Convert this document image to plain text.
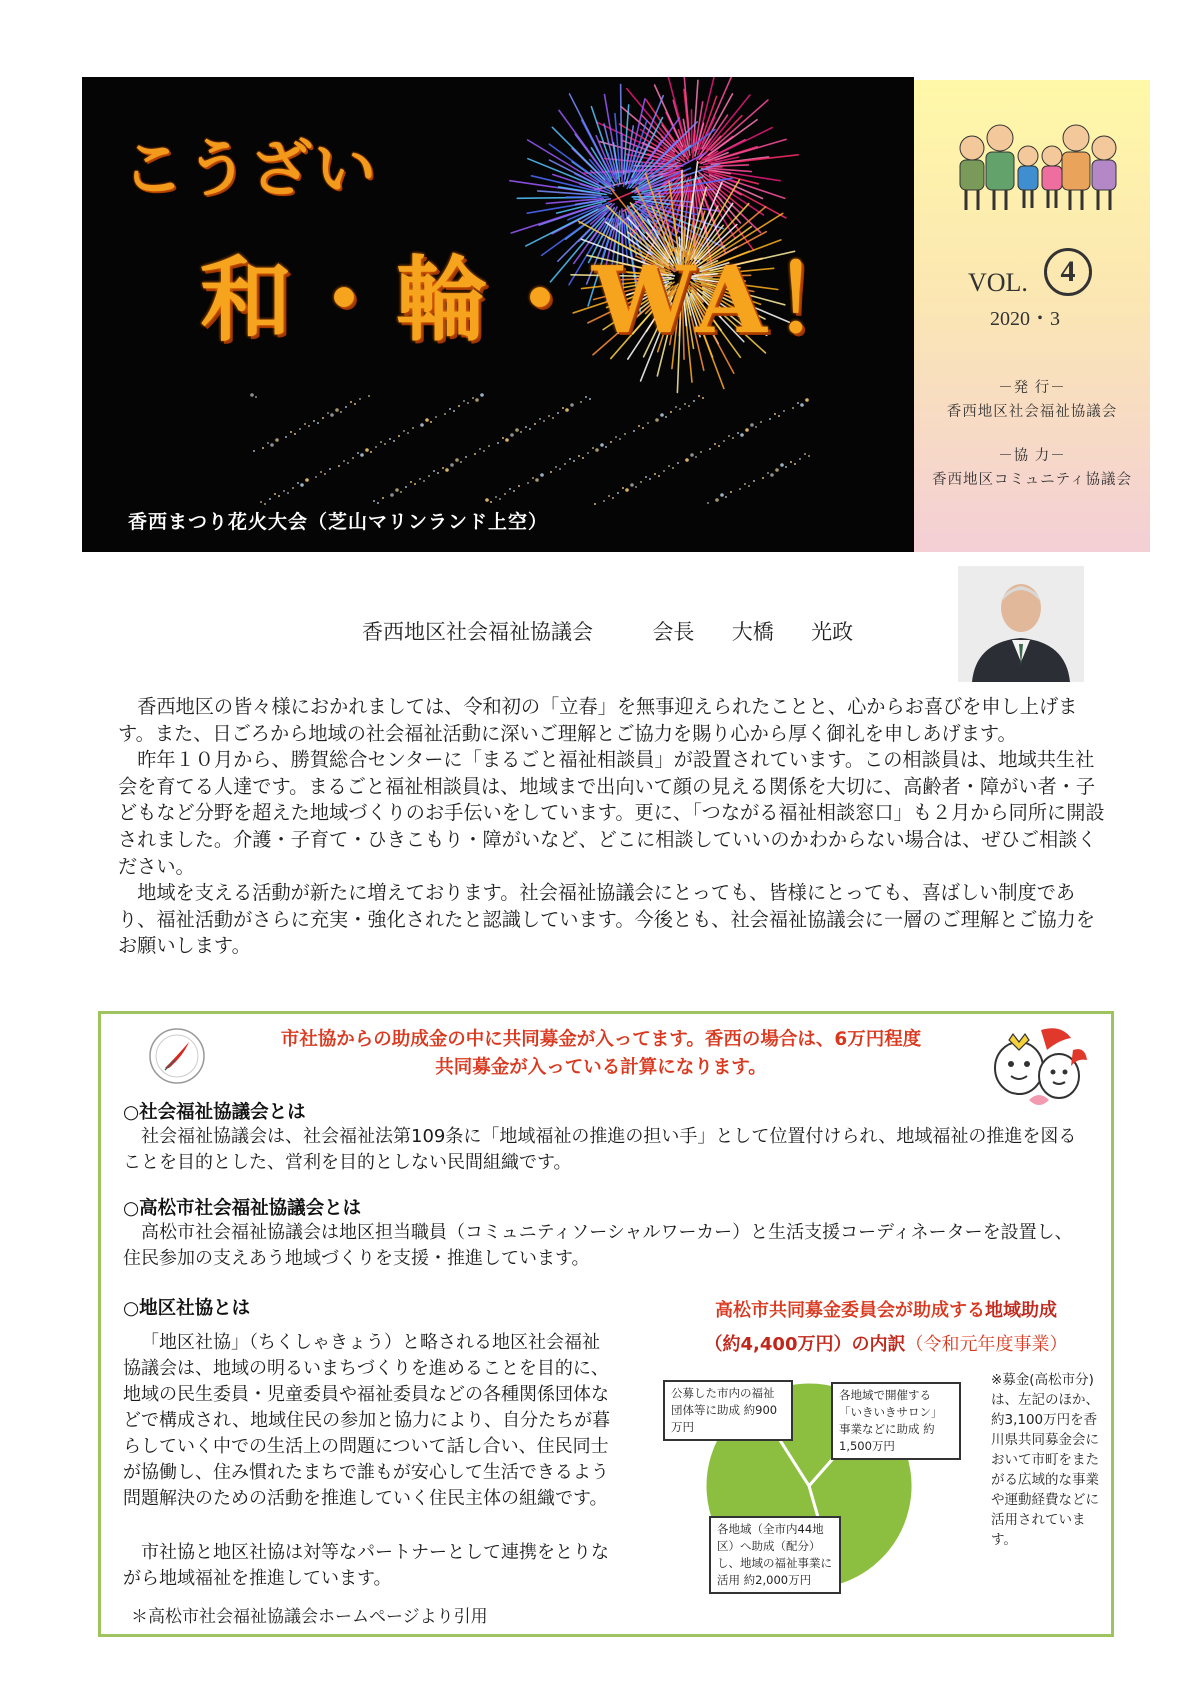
こうざい
和・輪・WA！
香西まつり花火大会（芝山マリンランド上空）
VOL.	4
2020・3
－発 行－
香西地区社会福祉協議会
－協 力－
香西地区コミュニティ協議会
香西地区社会福祉協議会	会長 大橋 光政

香西地区の皆々様におかれましては、令和初の「立春」を無事迎えられたことと、心からお喜びを申し上げます。また、日ごろから地域の社会福祉活動に深いご理解とご協力を賜り心から厚く御礼を申しあげます。

昨年１０月から、勝賀総合センターに「まるごと福祉相談員」が設置されています。この相談員は、地域共生社会を育てる人達です。まるごと福祉相談員は、地域まで出向いて顔の見える関係を大切に、高齢者・障がい者・子どもなど分野を超えた地域づくりのお手伝いをしています。更に、「つながる福祉相談窓口」も２月から同所に開設されました。介護・子育て・ひきこもり・障がいなど、どこに相談していいのかわからない場合は、ぜひご相談ください。

地域を支える活動が新たに増えております。社会福祉協議会にとっても、皆様にとっても、喜ばしい制度であり、福祉活動がさらに充実・強化されたと認識しています。今後とも、社会福祉協議会に一層のご理解とご協力をお願いします。

市社協からの助成金の中に共同募金が入ってます。香西の場合は、6万円程度
共同募金が入っている計算になります。
○社会福祉協議会とは
社会福祉協議会は、社会福祉法第109条に「地域福祉の推進の担い手」として位置付けられ、地域福祉の推進を図ることを目的とした、営利を目的としない民間組織です。
○高松市社会福祉協議会とは
高松市社会福祉協議会は地区担当職員（コミュニティソーシャルワーカー）と生活支援コーディネーターを設置し、住民参加の支えあう地域づくりを支援・推進しています。
○地区社協とは
「地区社協」（ちくしゃきょう）と略される地区社会福祉協議会は、地域の明るいまちづくりを進めることを目的に、地域の民生委員・児童委員や福祉委員などの各種関係団体などで構成され、地域住民の参加と協力により、自分たちが暮らしていく中での生活上の問題について話し合い、住民同士が協働し、住み慣れたまちで誰もが安心して生活できるよう問題解決のための活動を推進していく住民主体の組織です。
市社協と地区社協は対等なパートナーとして連携をとりながら地域福祉を推進しています。
＊高松市社会福祉協議会ホームページより引用
高松市共同募金委員会が助成する地域助成
（約4,400万円）の内訳（令和元年度事業）
公募した市内の福祉団体等に助成 約900万円
各地域で開催する「いきいきサロン」事業などに助成 約1,500万円
各地域（全市内44地区）へ助成（配分）し、地域の福祉事業に活用 約2,000万円
※募金(高松市分)は、左記のほか、約3,100万円を香川県共同募金会において市町をまたがる広域的な事業や運動経費などに活用されています。
